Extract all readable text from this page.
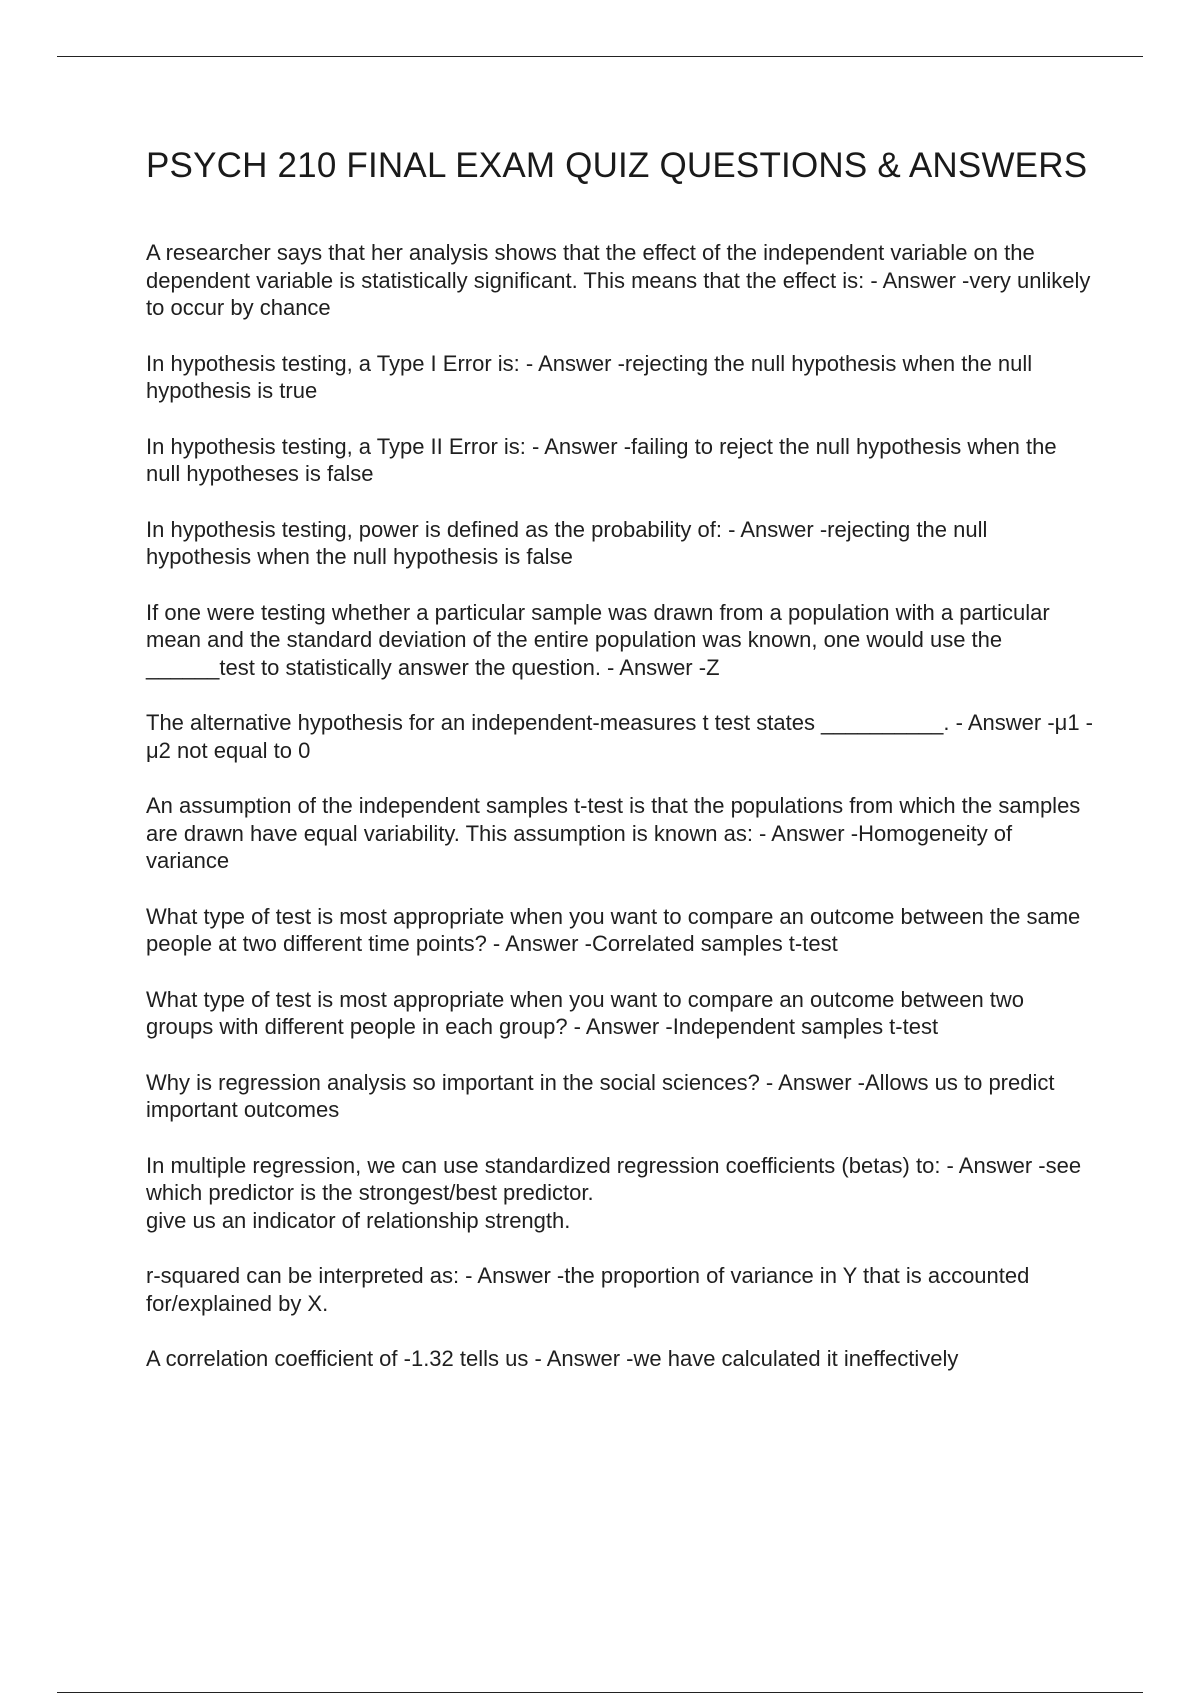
PSYCH 210 FINAL EXAM QUIZ QUESTIONS & ANSWERS

A researcher says that her analysis shows that the effect of the independent variable on the dependent variable is statistically significant. This means that the effect is: - Answer -very unlikely to occur by chance

In hypothesis testing, a Type I Error is: - Answer -rejecting the null hypothesis when the null hypothesis is true

In hypothesis testing, a Type II Error is: - Answer -failing to reject the null hypothesis when the null hypotheses is false

In hypothesis testing, power is defined as the probability of: - Answer -rejecting the null hypothesis when the null hypothesis is false

If one were testing whether a particular sample was drawn from a population with a particular mean and the standard deviation of the entire population was known, one would use the ______test to statistically answer the question. - Answer -Z

The alternative hypothesis for an independent-measures t test states __________. - Answer -μ1 - μ2 not equal to 0

An assumption of the independent samples t-test is that the populations from which the samples are drawn have equal variability. This assumption is known as: - Answer -Homogeneity of variance

What type of test is most appropriate when you want to compare an outcome between the same people at two different time points? - Answer -Correlated samples t-test

What type of test is most appropriate when you want to compare an outcome between two groups with different people in each group? - Answer -Independent samples t-test

Why is regression analysis so important in the social sciences? - Answer -Allows us to predict important outcomes

In multiple regression, we can use standardized regression coefficients (betas) to: - Answer -see which predictor is the strongest/best predictor.
give us an indicator of relationship strength.

r-squared can be interpreted as: - Answer -the proportion of variance in Y that is accounted for/explained by X.

A correlation coefficient of -1.32 tells us - Answer -we have calculated it ineffectively
